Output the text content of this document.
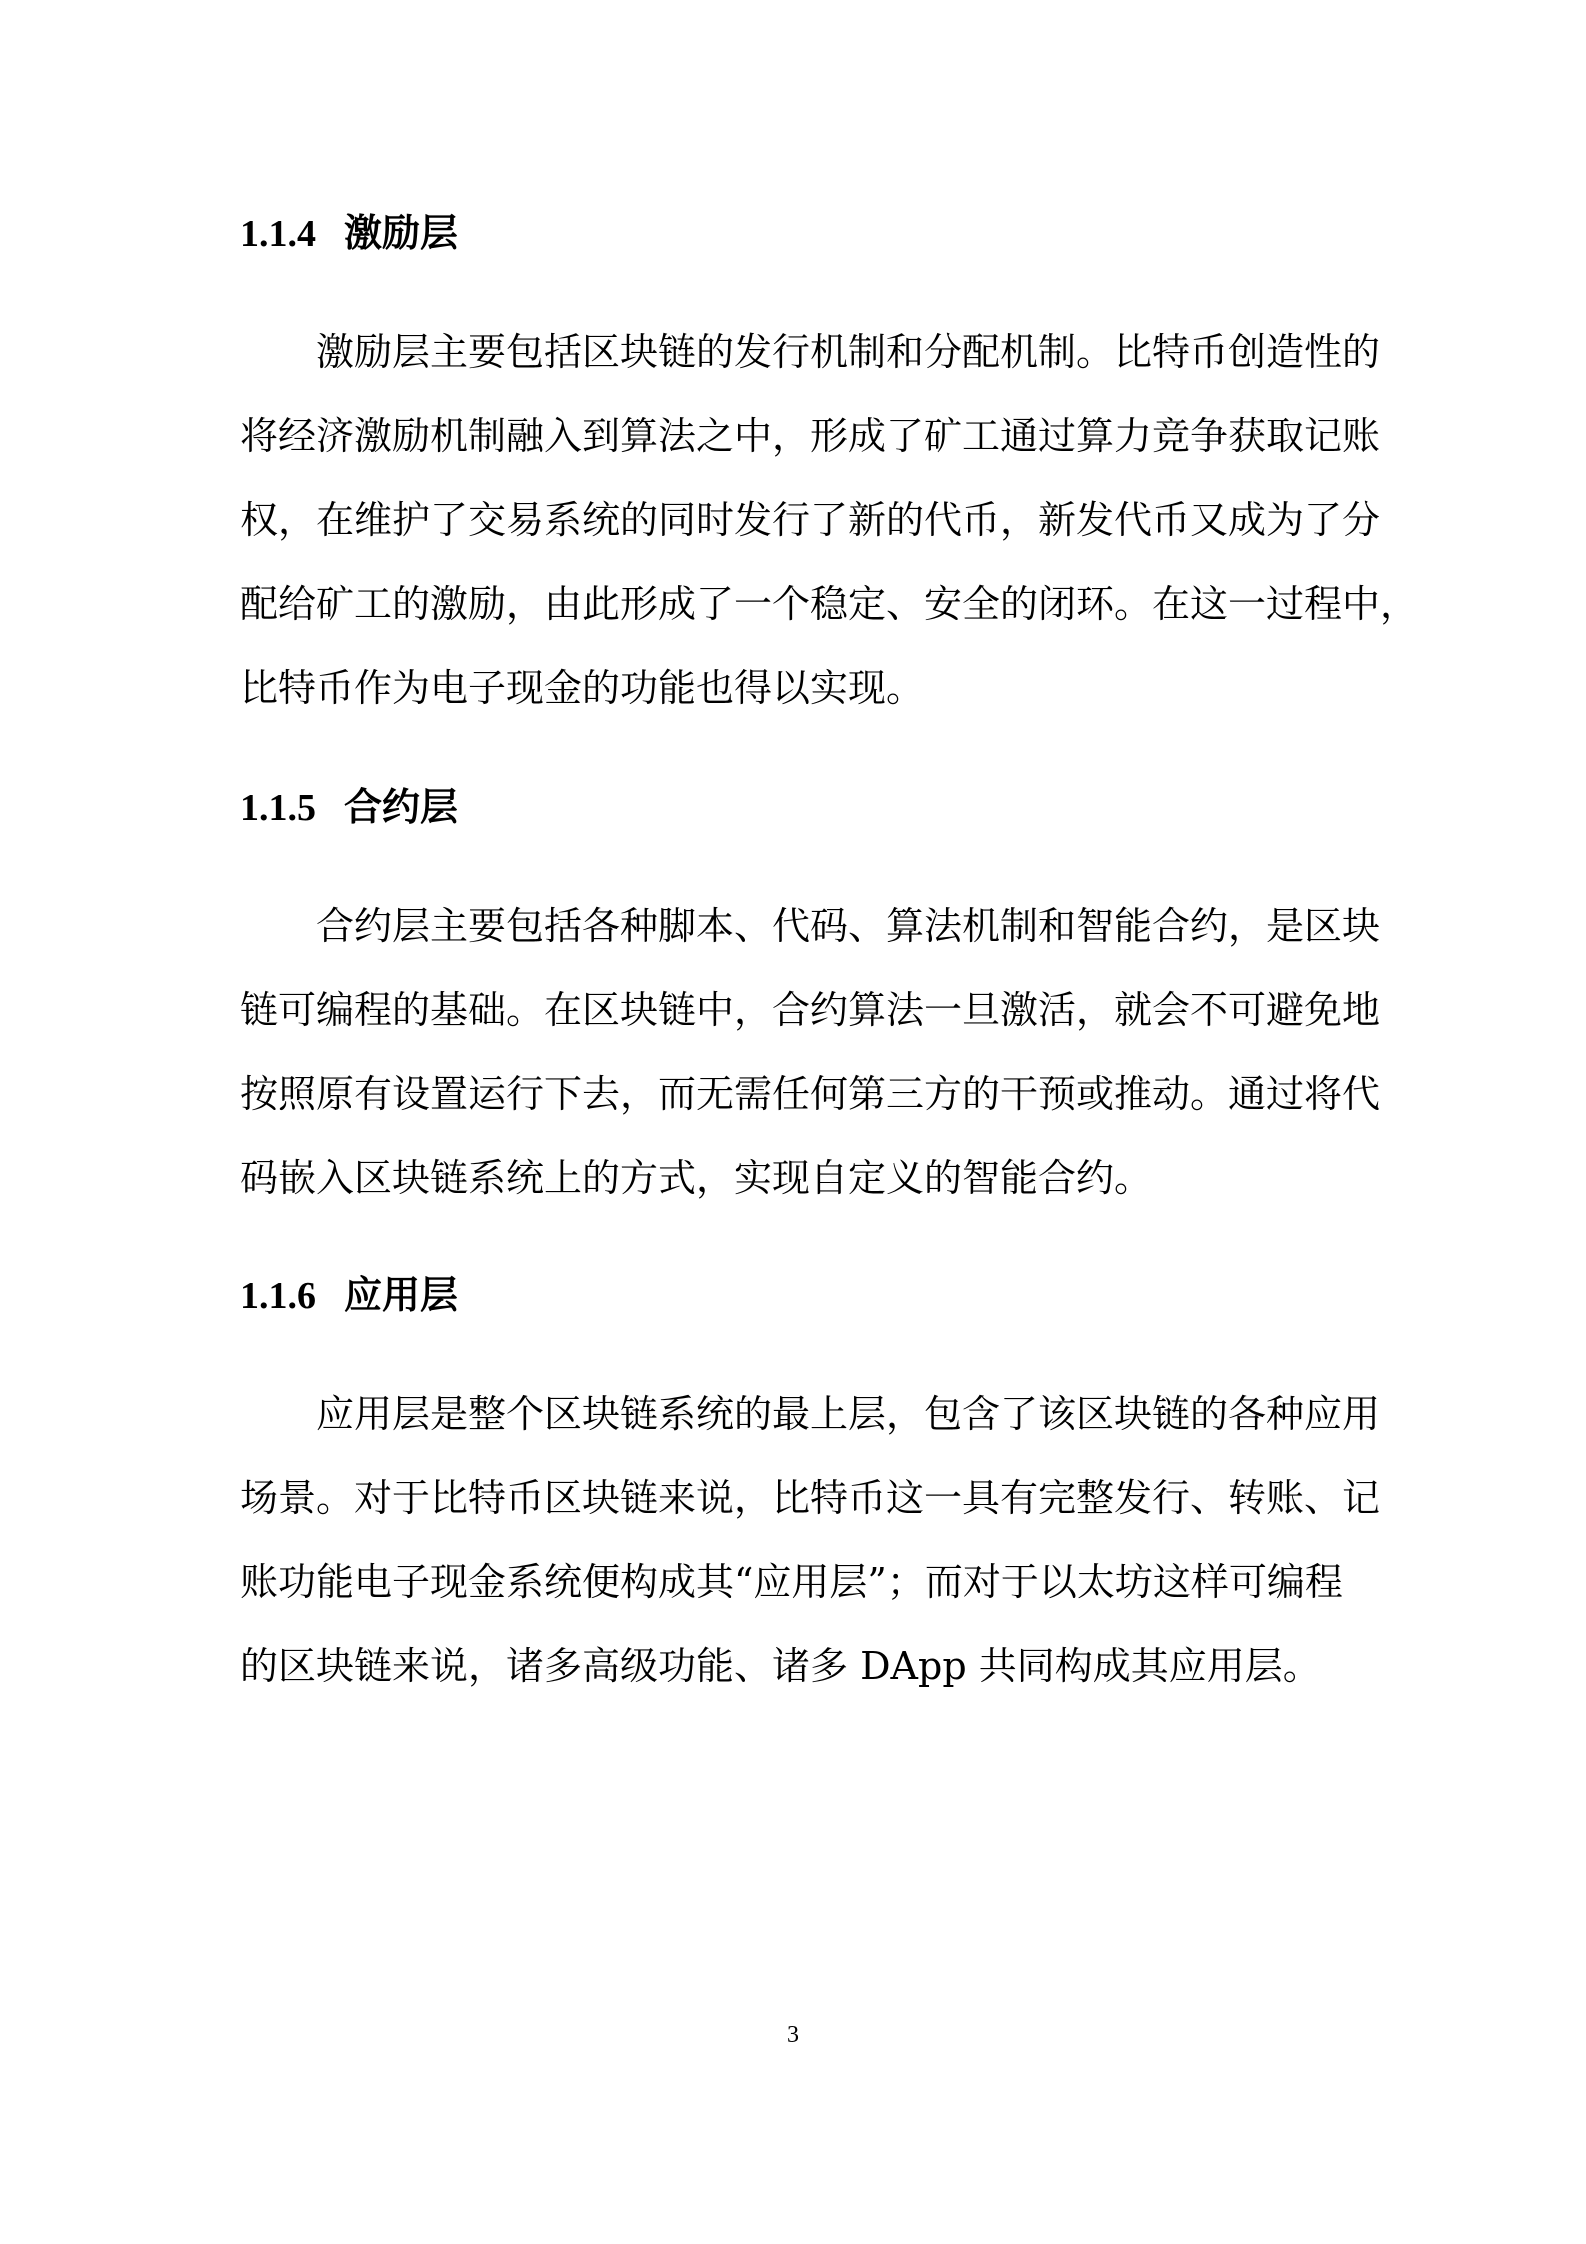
1.1.4 激励层
激励层主要包括区块链的发行机制和分配机制。比特币创造性的
将经济激励机制融入到算法之中，形成了矿工通过算力竞争获取记账
权，在维护了交易系统的同时发行了新的代币，新发代币又成为了分
配给矿工的激励，由此形成了一个稳定、安全的闭环。在这一过程中，
比特币作为电子现金的功能也得以实现。
1.1.5 合约层
合约层主要包括各种脚本、代码、算法机制和智能合约，是区块
链可编程的基础。在区块链中，合约算法一旦激活，就会不可避免地
按照原有设置运行下去，而无需任何第三方的干预或推动。通过将代
码嵌入区块链系统上的方式，实现自定义的智能合约。
1.1.6 应用层
应用层是整个区块链系统的最上层，包含了该区块链的各种应用
场景。对于比特币区块链来说，比特币这一具有完整发行、转账、记
账功能电子现金系统便构成其“应用层”；而对于以太坊这样可编程
的区块链来说，诸多高级功能、诸多 DApp 共同构成其应用层。
3
